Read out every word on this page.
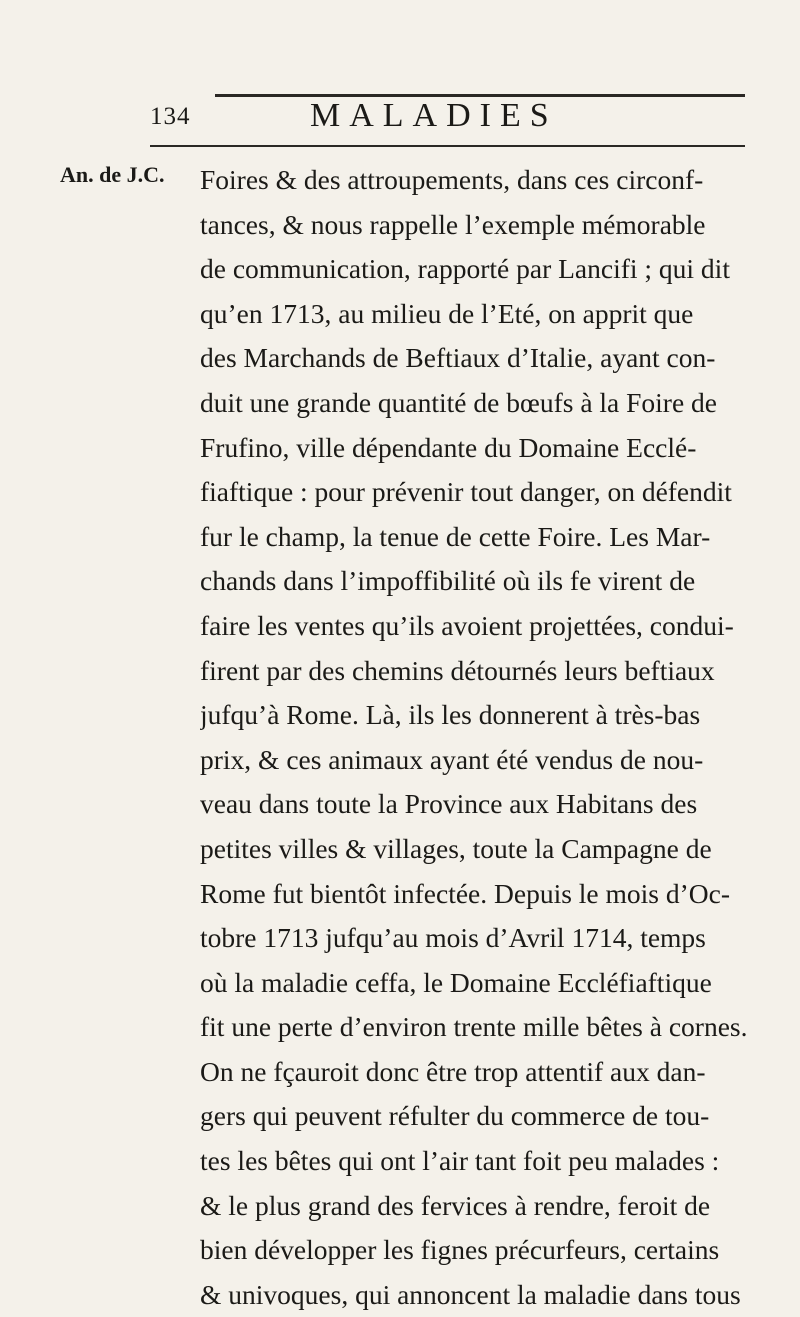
134	MALADIES
An. de J.C. Foires & des attroupements, dans ces circonf-
tances, & nous rappelle l’exemple mémorable
de communication, rapporté par Lancifi ; qui dit
qu’en 1713, au milieu de l’Eté, on apprit que
des Marchands de Beftiaux d’Italie, ayant con-
duit une grande quantité de bœufs à la Foire de
Frufino, ville dépendante du Domaine Ecclé-
fiaftique : pour prévenir tout danger, on défendit
fur le champ, la tenue de cette Foire. Les Mar-
chands dans l’impoffibilité où ils fe virent de
faire les ventes qu’ils avoient projettées, condui-
firent par des chemins détournés leurs beftiaux
jufqu’à Rome. Là, ils les donnerent à très-bas
prix, & ces animaux ayant été vendus de nou-
veau dans toute la Province aux Habitans des
petites villes & villages, toute la Campagne de
Rome fut bientôt infectée. Depuis le mois d’Oc-
tobre 1713 jufqu’au mois d’Avril 1714, temps
où la maladie ceffa, le Domaine Eccléfiaftique
fit une perte d’environ trente mille bêtes à cornes.
On ne fçauroit donc être trop attentif aux dan-
gers qui peuvent réfulter du commerce de tou-
tes les bêtes qui ont l’air tant foit peu malades :
& le plus grand des fervices à rendre, feroit de
bien développer les fignes précurfeurs, certains
& univoques, qui annoncent la maladie dans tous
